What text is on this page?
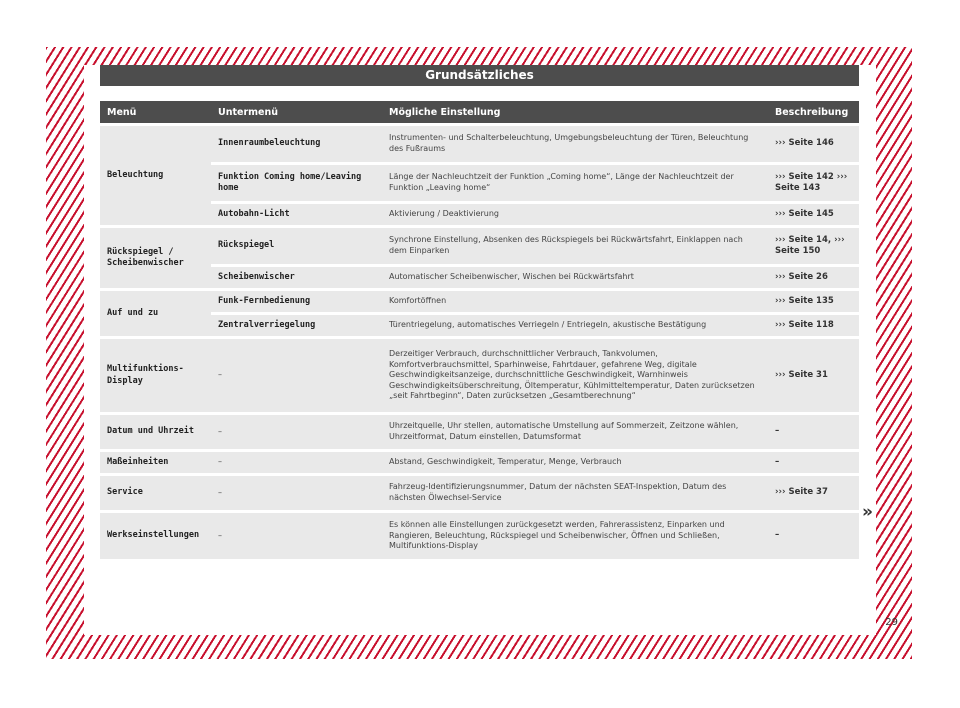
Grundsätzliches
Menü	Untermenü	Mögliche Einstellung	Beschreibung
Beleuchtung	Innenraumbeleuchtung	Instrumenten- und Schalterbeleuchtung, Umgebungsbeleuchtung der Türen, Beleuchtung des Fußraums	››› Seite 146
	Funktion Coming home/Leaving home	Länge der Nachleuchtzeit der Funktion „Coming home“, Länge der Nachleuchtzeit der Funktion „Leaving home“	››› Seite 142 ››› Seite 143
	Autobahn-Licht	Aktivierung / Deaktivierung	››› Seite 145
Rückspiegel / Scheibenwischer	Rückspiegel	Synchrone Einstellung, Absenken des Rückspiegels bei Rückwärtsfahrt, Einklappen nach dem Einparken	››› Seite 14, ››› Seite 150
	Scheibenwischer	Automatischer Scheibenwischer, Wischen bei Rückwärtsfahrt	››› Seite 26
Auf und zu	Funk-Fernbedienung	Komfortöffnen	››› Seite 135
	Zentralverriegelung	Türentriegelung, automatisches Verriegeln / Entriegeln, akustische Bestätigung	››› Seite 118
Multifunktions-Display	–	Derzeitiger Verbrauch, durchschnittlicher Verbrauch, Tankvolumen, Komfortverbrauchsmittel, Sparhinweise, Fahrtdauer, gefahrene Weg, digitale Geschwindigkeitsanzeige, durchschnittliche Geschwindigkeit, Warnhinweis Geschwindigkeitsüberschreitung, Öltemperatur, Kühlmitteltemperatur, Daten zurücksetzen „seit Fahrtbeginn“, Daten zurücksetzen „Gesamtberechnung“	››› Seite 31
Datum und Uhrzeit	–	Uhrzeitquelle, Uhr stellen, automatische Umstellung auf Sommerzeit, Zeitzone wählen, Uhrzeitformat, Datum einstellen, Datumsformat	–
Maßeinheiten	–	Abstand, Geschwindigkeit, Temperatur, Menge, Verbrauch	–
Service	–	Fahrzeug-Identifizierungsnummer, Datum der nächsten SEAT-Inspektion, Datum des nächsten Ölwechsel-Service	››› Seite 37
Werkseinstellungen	–	Es können alle Einstellungen zurückgesetzt werden, Fahrerassistenz, Einparken und Rangieren, Beleuchtung, Rückspiegel und Scheibenwischer, Öffnen und Schließen, Multifunktions-Display	–
»
29
